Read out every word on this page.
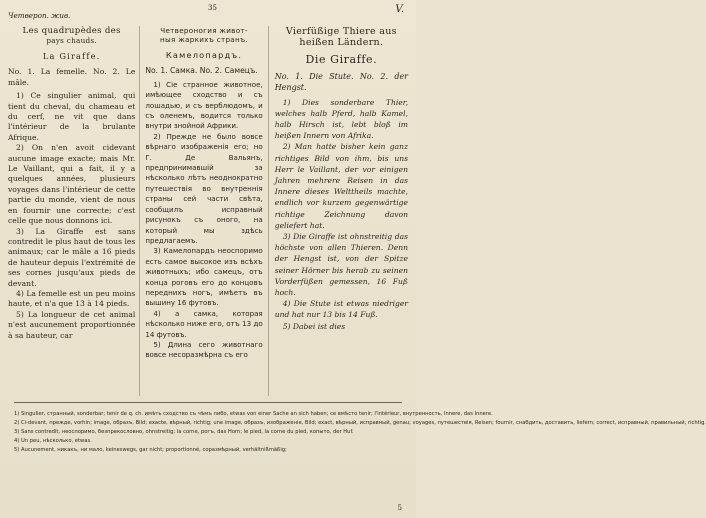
Четвероп. жив.
35	V.
Les quadrupèdes des
pays chauds.
La Giraffe.
No. 1. La femelle. No. 2. Le mâle.
1) Ce singulier animal, qui tient du cheval, du chameau et du cerf, ne vit que dans l'intérieur de la brulante Afrique.
2) On n'en avoit cidevant aucune image exacte; mais Mr. Le Vaillant, qui a fait, il y a quelques années, plusieurs voyages dans l'intérieur de cette partie du monde, vient de nous en fournir une correcte; c'est celle que nous donnons ici.
3) La Giraffe est sans contredit le plus haut de tous les animaux; car le mâle a 16 pieds de hauteur depuis l'extrémité de ses cornes jusqu'aux pieds de devant.
4) La femelle est un peu moins haute, et n'a que 13 à 14 pieds.
5) La longueur de cet animal n'est aucunement proportionnée à sa hauteur, car
Четвероногия живот-
ныя жаркихъ странъ.
Камелопардъ.
No. 1. Самка. No. 2. Самецъ.
1) Сіе странное животное, имѣющее сходство и съ лошадью, и съ верблюдомъ, и съ оленемъ, водится только внутри знойной Африки.
2) Прежде не было вовсе вѣрнаго изображенія его; но Г. Де Вальянъ, предпринимавшій за нѣсколько лѣтъ неоднократно путешествія во внутреннія страны сей части свѣта, сообщилъ исправный рисунокъ съ оного, на который мы здѣсь предлагаемъ.
3) Камелопардъ неоспоримо есть самое высокое изъ всѣхъ животныхъ; ибо самецъ, отъ конца роговъ его до концовъ переднихъ ногъ, имѣетъ въ вышину 16 футовъ.
4) а самка, которая нѣсколько ниже его, отъ 13 до 14 футовъ.
5) Длина сего животнаго вовсе несоразмѣрна съ его
Vierfüßige Thiere aus
heißen Ländern.
Die Giraffe.
No. 1. Die Stute. No. 2. der Hengst.
1) Dies sonderbare Thier, welches halb Pferd, halb Kamel, halb Hirsch ist, lebt bloß im heißen Innern von Afrika.
2) Man hatte bisher kein ganz richtiges Bild von ihm, bis uns Herr le Vaillant, der vor einigen Jahren mehrere Reisen in das Innere dieses Welttheils machte, endlich vor kurzem gegenwärtige richtige Zeichnung davon geliefert hat.
3) Die Giraffe ist ohnstreitig das höchste von allen Thieren. Denn der Hengst ist, von der Spitze seiner Hörner bis herab zu seinen Vorderfüßen gemessen, 16 Fuß hoch.
4) Die Stute ist etwas niedriger und hat nur 13 bis 14 Fuß.
5) Dabei ist dies
1) Singulier, странный, sonderbar; tenir de q. ch. имѣть сходство съ чѣмъ либо, etwas von einer Sache an sich haben; се вмѣсто tenir; l'intérieur, внутренность, Innere, das Innere.
2) Ci-devant, прежде, vorhin; image, образъ, Bild; exacte, вѣрный, richtig; une image, образъ, изображеніе, Bild; exact, вѣрный, исправный, genau; voyages, путешествія, Reisen; fournir, снабдить, доставить, liefern; correct, исправный, правильный, richtig.
3) Sans contredit, неоспоримо, безпрекословно, ohnstreitig; la corne, рогъ, das Horn; le pied, la corne du pied, копыто, der Huf.
4) Un peu, нѣсколько, etwas.
5) Aucunement, никакъ, ни мало, keineswegs, gar nicht; proportionné, соразмѣрный, verhältnißmäßig;
5
